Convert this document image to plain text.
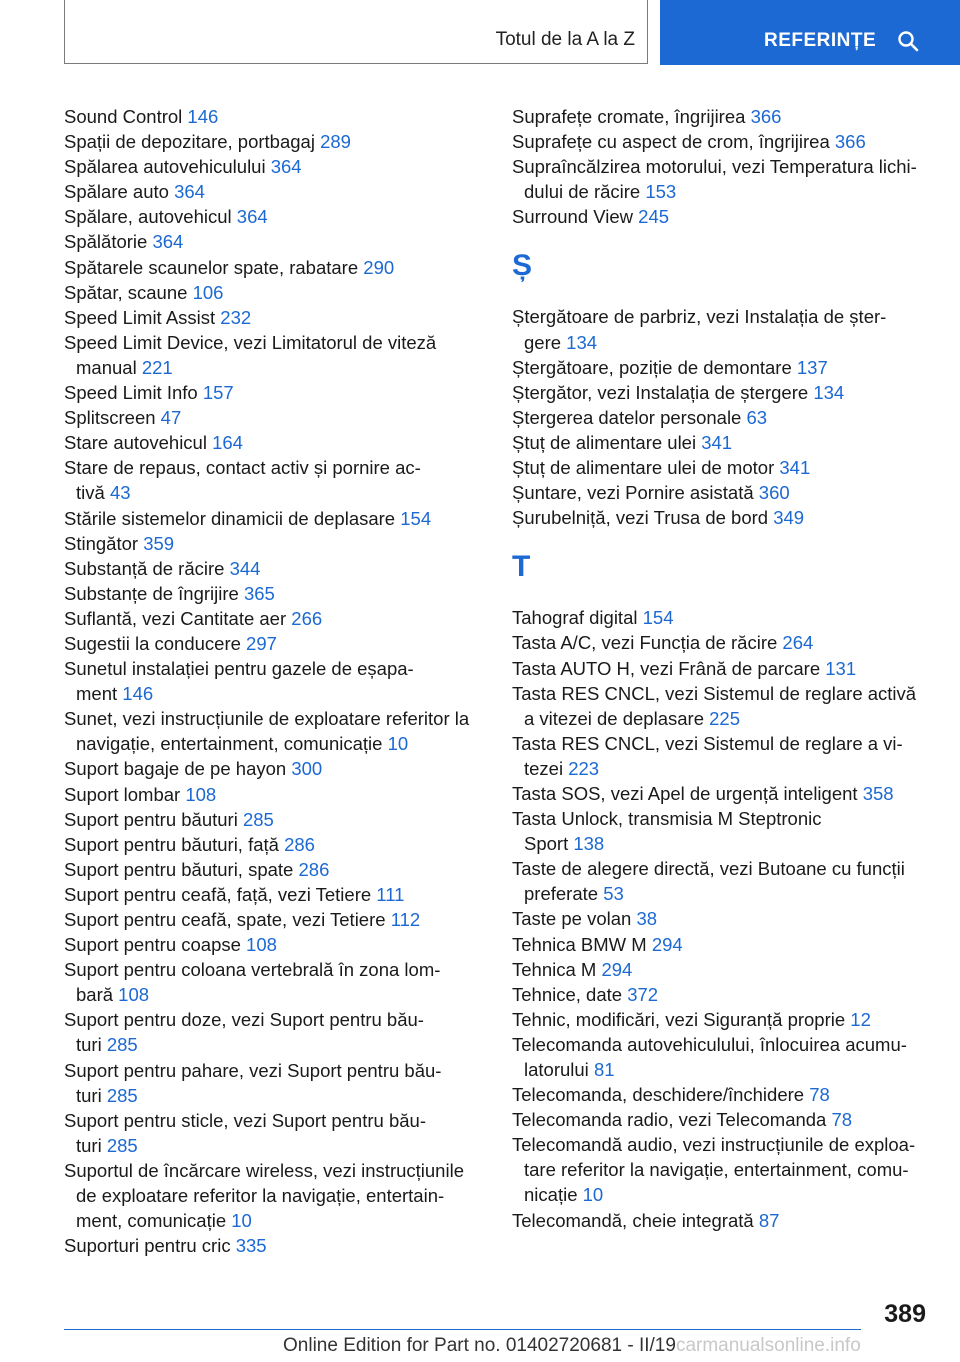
Totul de la A la Z	REFERINȚE
Sound Control 146
Spații de depozitare, portbagaj 289
Spălarea autovehiculului 364
Spălare auto 364
Spălare, autovehicul 364
Spălătorie 364
Spătarele scaunelor spate, rabatare 290
Spătar, scaune 106
Speed Limit Assist 232
Speed Limit Device, vezi Limitatorul de viteză
manual 221
Speed Limit Info 157
Splitscreen 47
Stare autovehicul 164
Stare de repaus, contact activ și pornire ac-
tivă 43
Stările sistemelor dinamicii de deplasare 154
Stingător 359
Substanță de răcire 344
Substanțe de îngrijire 365
Suflantă, vezi Cantitate aer 266
Sugestii la conducere 297
Sunetul instalației pentru gazele de eșapa-
ment 146
Sunet, vezi instrucțiunile de exploatare referitor la
navigație, entertainment, comunicație 10
Suport bagaje de pe hayon 300
Suport lombar 108
Suport pentru băuturi 285
Suport pentru băuturi, față 286
Suport pentru băuturi, spate 286
Suport pentru ceafă, față, vezi Tetiere 111
Suport pentru ceafă, spate, vezi Tetiere 112
Suport pentru coapse 108
Suport pentru coloana vertebrală în zona lom-
bară 108
Suport pentru doze, vezi Suport pentru bău-
turi 285
Suport pentru pahare, vezi Suport pentru bău-
turi 285
Suport pentru sticle, vezi Suport pentru bău-
turi 285
Suportul de încărcare wireless, vezi instrucțiunile
de exploatare referitor la navigație, entertain-
ment, comunicație 10
Suporturi pentru cric 335
Suprafețe cromate, îngrijirea 366
Suprafețe cu aspect de crom, îngrijirea 366
Supraîncălzirea motorului, vezi Temperatura lichi-
dului de răcire 153
Surround View 245
Ș
Ștergătoare de parbriz, vezi Instalația de șter-
gere 134
Ștergătoare, poziție de demontare 137
Ștergător, vezi Instalația de ștergere 134
Ștergerea datelor personale 63
Ștuț de alimentare ulei 341
Ștuț de alimentare ulei de motor 341
Șuntare, vezi Pornire asistată 360
Șurubelniță, vezi Trusa de bord 349
T
Tahograf digital 154
Tasta A/C, vezi Funcția de răcire 264
Tasta AUTO H, vezi Frână de parcare 131
Tasta RES CNCL, vezi Sistemul de reglare activă
a vitezei de deplasare 225
Tasta RES CNCL, vezi Sistemul de reglare a vi-
tezei 223
Tasta SOS, vezi Apel de urgență inteligent 358
Tasta Unlock, transmisia M Steptronic
Sport 138
Taste de alegere directă, vezi Butoane cu funcții
preferate 53
Taste pe volan 38
Tehnica BMW M 294
Tehnica M 294
Tehnice, date 372
Tehnic, modificări, vezi Siguranță proprie 12
Telecomanda autovehiculului, înlocuirea acumu-
latorului 81
Telecomanda, deschidere/închidere 78
Telecomanda radio, vezi Telecomanda 78
Telecomandă audio, vezi instrucțiunile de exploa-
tare referitor la navigație, entertainment, comu-
nicație 10
Telecomandă, cheie integrată 87
389
Online Edition for Part no. 01402720681 - II/19carmanualsonline.info
